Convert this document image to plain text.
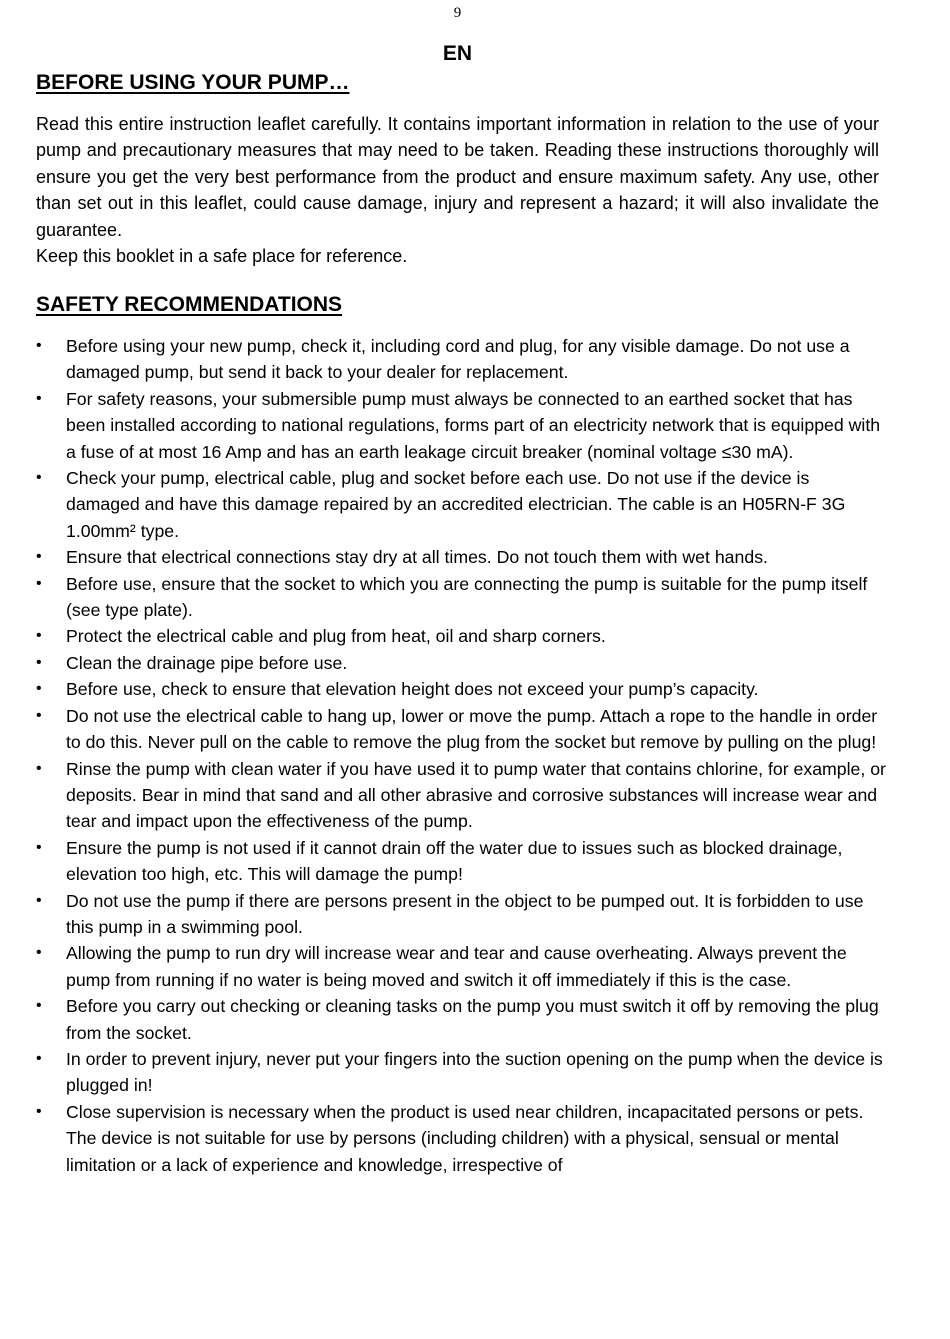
9
EN
BEFORE USING YOUR PUMP…

Read this entire instruction leaflet carefully. It contains important information in relation to the use of your pump and precautionary measures that may need to be taken. Reading these instructions thoroughly will ensure you get the very best performance from the product and ensure maximum safety. Any use, other than set out in this leaflet, could cause damage, injury and represent a hazard; it will also invalidate the guarantee.
Keep this booklet in a safe place for reference.

SAFETY RECOMMENDATIONS
• Before using your new pump, check it, including cord and plug, for any visible damage. Do not use a damaged pump, but send it back to your dealer for replacement.
• For safety reasons, your submersible pump must always be connected to an earthed socket that has been installed according to national regulations, forms part of an electricity network that is equipped with a fuse of at most 16 Amp and has an earth leakage circuit breaker (nominal voltage ≤30 mA).
• Check your pump, electrical cable, plug and socket before each use. Do not use if the device is damaged and have this damage repaired by an accredited electrician. The cable is an H05RN-F 3G 1.00mm² type.
• Ensure that electrical connections stay dry at all times. Do not touch them with wet hands.
• Before use, ensure that the socket to which you are connecting the pump is suitable for the pump itself (see type plate).
• Protect the electrical cable and plug from heat, oil and sharp corners.
• Clean the drainage pipe before use.
• Before use, check to ensure that elevation height does not exceed your pump’s capacity.
• Do not use the electrical cable to hang up, lower or move the pump. Attach a rope to the handle in order to do this. Never pull on the cable to remove the plug from the socket but remove by pulling on the plug!
• Rinse the pump with clean water if you have used it to pump water that contains chlorine, for example, or deposits. Bear in mind that sand and all other abrasive and corrosive substances will increase wear and tear and impact upon the effectiveness of the pump.
• Ensure the pump is not used if it cannot drain off the water due to issues such as blocked drainage, elevation too high, etc. This will damage the pump!
• Do not use the pump if there are persons present in the object to be pumped out. It is forbidden to use this pump in a swimming pool.
• Allowing the pump to run dry will increase wear and tear and cause overheating. Always prevent the pump from running if no water is being moved and switch it off immediately if this is the case.
• Before you carry out checking or cleaning tasks on the pump you must switch it off by removing the plug from the socket.
• In order to prevent injury, never put your fingers into the suction opening on the pump when the device is plugged in!
• Close supervision is necessary when the product is used near children, incapacitated persons or pets. The device is not suitable for use by persons (including children) with a physical, sensual or mental limitation or a lack of experience and knowledge, irrespective of
